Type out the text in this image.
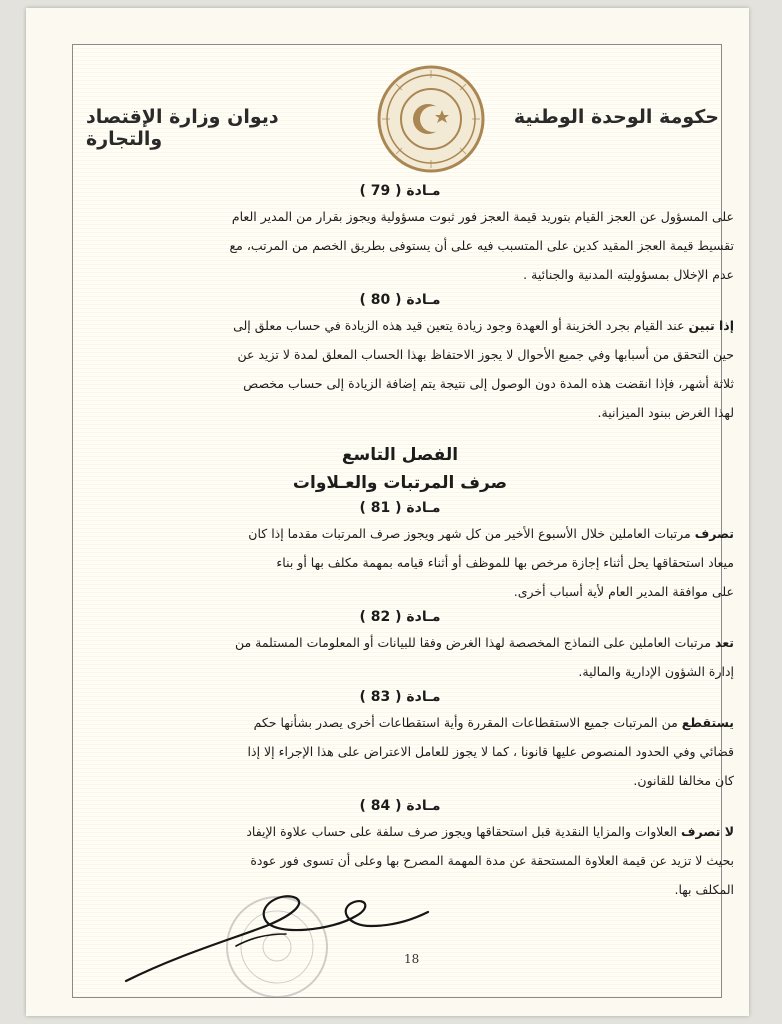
حكومة الوحدة الوطنية
ديوان وزارة الإقتصاد والتجارة

مـادة ( 79 )

على المسؤول عن العجز القيام بتوريد قيمة العجز فور ثبوت مسؤولية ويجوز بقرار من المدير العام
تقسيط قيمة العجز المقيد كدين على المتسبب فيه على أن يستوفى بطريق الخصم من المرتب، مع
عدم الإخلال بمسؤوليته المدنية والجنائية .

مـادة ( 80 )

إذا تبين عند القيام بجرد الخزينة أو العهدة وجود زيادة يتعين قيد هذه الزيادة في حساب معلق إلى
حين التحقق من أسبابها وفي جميع الأحوال لا يجوز الاحتفاظ بهذا الحساب المعلق لمدة لا تزيد عن
ثلاثة أشهر، فإذا انقضت هذه المدة دون الوصول إلى نتيجة يتم إضافة الزيادة إلى حساب مخصص
لهذا الغرض ببنود الميزانية.

الفصل التاسع

صرف المرتبات والعـلاوات

مـادة ( 81 )

تصرف مرتبات العاملين خلال الأسبوع الأخير من كل شهر ويجوز صرف المرتبات مقدما إذا كان
ميعاد استحقاقها يحل أثناء إجازة مرخص بها للموظف أو أثناء قيامه بمهمة مكلف بها أو بناء
على موافقة المدير العام لأية أسباب أخرى.

مـادة ( 82 )

تعد مرتبات العاملين على النماذج المخصصة لهذا الغرض وفقا للبيانات أو المعلومات المستلمة من
إدارة الشؤون الإدارية والمالية.

مـادة ( 83 )

يستقطع من المرتبات جميع الاستقطاعات المقررة وأية استقطاعات أخرى يصدر بشأنها حكم
قضائي وفي الحدود المنصوص عليها قانونا ، كما لا يجوز للعامل الاعتراض على هذا الإجراء إلا إذا
كان مخالفا للقانون.

مـادة ( 84 )

لا تصرف العلاوات والمزايا النقدية قبل استحقاقها ويجوز صرف سلفة على حساب علاوة الإيفاد
بحيث لا تزيد عن قيمة العلاوة المستحقة عن مدة المهمة المصرح بها وعلى أن تسوى فور عودة
المكلف بها.

18
